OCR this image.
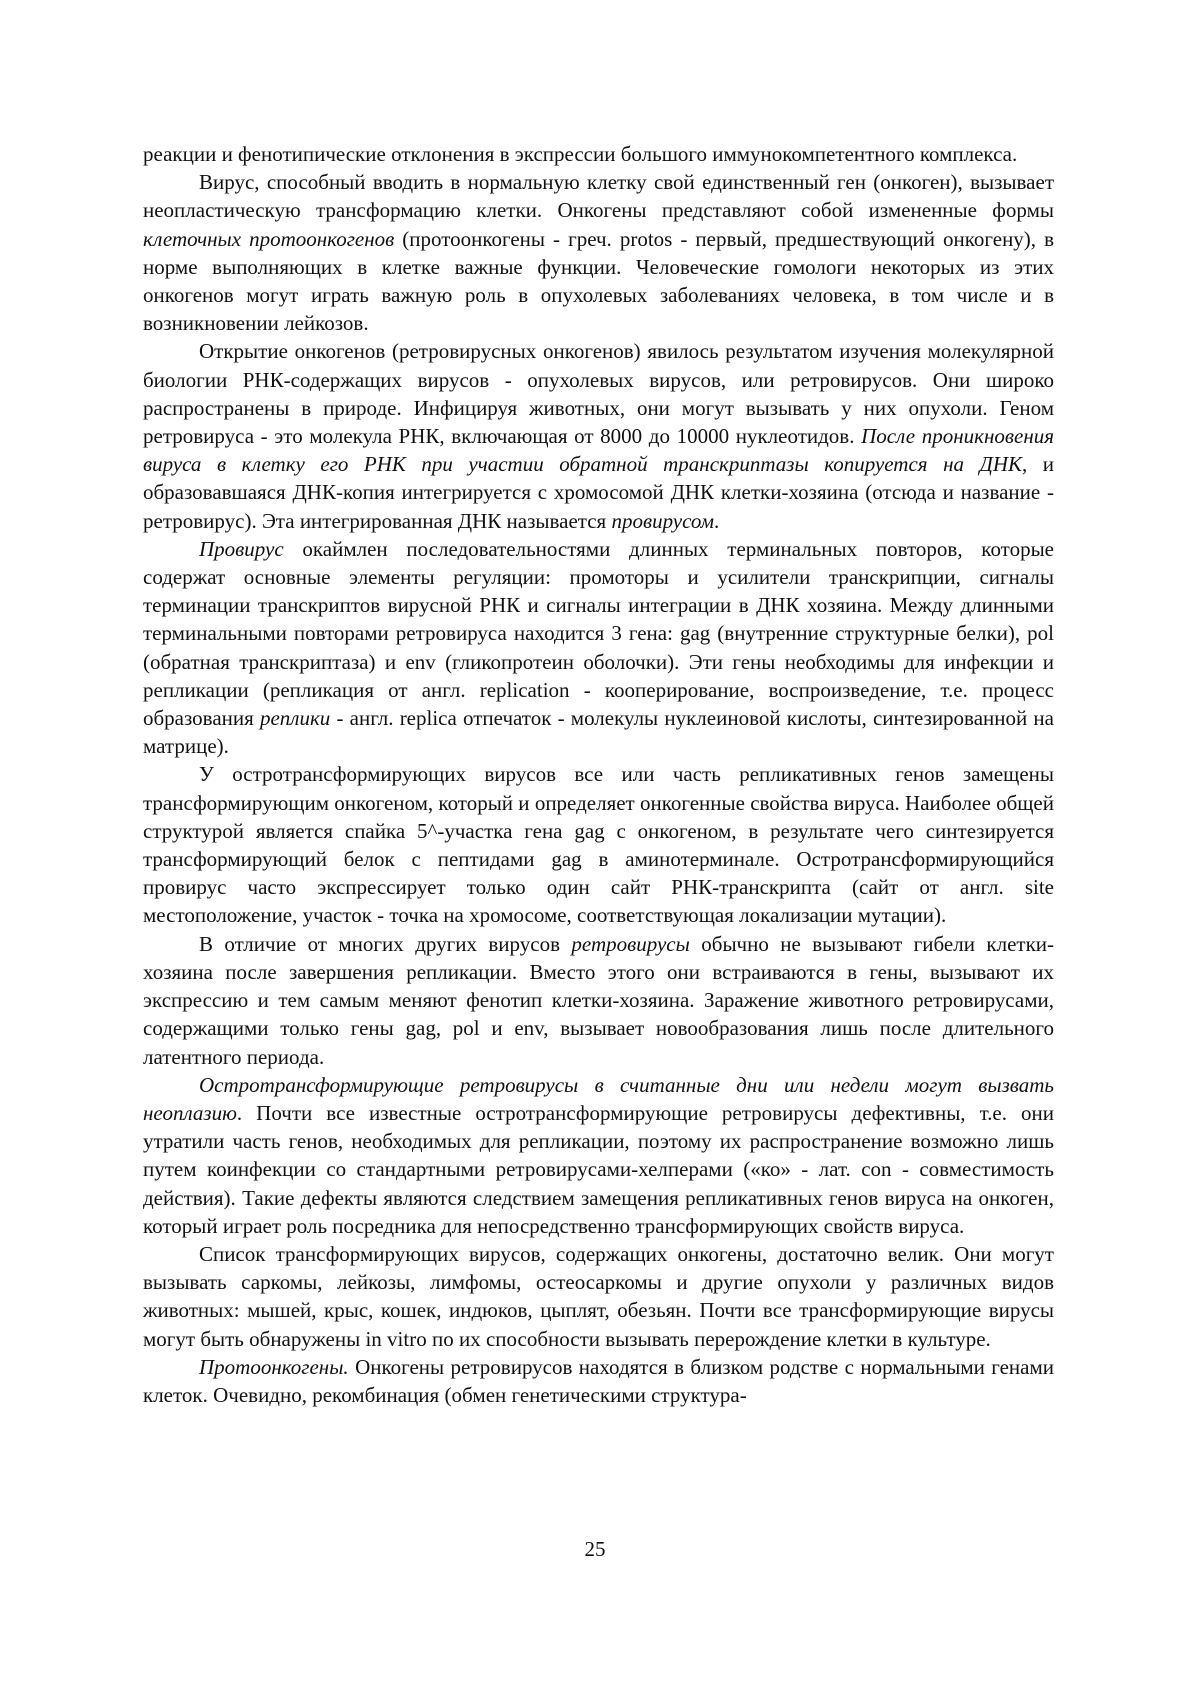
реакции и фенотипические отклонения в экспрессии большого иммунокомпетентного комплекса.

Вирус, способный вводить в нормальную клетку свой единственный ген (онкоген), вызывает неопластическую трансформацию клетки. Онкогены представляют собой измененные формы клеточных протоонкогенов (протоонкогены - греч. protos - первый, предшествующий онкогену), в норме выполняющих в клетке важные функции. Человеческие гомологи некоторых из этих онкогенов могут играть важную роль в опухолевых заболеваниях человека, в том числе и в возникновении лейкозов.

Открытие онкогенов (ретровирусных онкогенов) явилось результатом изучения молекулярной биологии РНК-содержащих вирусов - опухолевых вирусов, или ретровирусов. Они широко распространены в природе. Инфицируя животных, они могут вызывать у них опухоли. Геном ретровируса - это молекула РНК, включающая от 8000 до 10000 нуклеотидов. После проникновения вируса в клетку его РНК при участии обратной транскриптазы копируется на ДНК, и образовавшаяся ДНК-копия интегрируется с хромосомой ДНК клетки-хозяина (отсюда и название - ретровирус). Эта интегрированная ДНК называется провирусом.

Провирус окаймлен последовательностями длинных терминальных повторов, которые содержат основные элементы регуляции: промоторы и усилители транскрипции, сигналы терминации транскриптов вирусной РНК и сигналы интеграции в ДНК хозяина. Между длинными терминальными повторами ретровируса находится 3 гена: gag (внутренние структурные белки), pol (обратная транскриптаза) и env (гликопротеин оболочки). Эти гены необходимы для инфекции и репликации (репликация от англ. replication - кооперирование, воспроизведение, т.е. процесс образования реплики - англ. replica отпечаток - молекулы нуклеиновой кислоты, синтезированной на матрице).

У остротрансформирующих вирусов все или часть репликативных генов замещены трансформирующим онкогеном, который и определяет онкогенные свойства вируса. Наиболее общей структурой является спайка 5^-участка гена gag с онкогеном, в результате чего синтезируется трансформирующий белок с пептидами gag в аминотерминале. Остротрансформирующийся провирус часто экспрессирует только один сайт РНК-транскрипта (сайт от англ. site местоположение, участок - точка на хромосоме, соответствующая локализации мутации).

В отличие от многих других вирусов ретровирусы обычно не вызывают гибели клетки-хозяина после завершения репликации. Вместо этого они встраиваются в гены, вызывают их экспрессию и тем самым меняют фенотип клетки-хозяина. Заражение животного ретровирусами, содержащими только гены gag, pol и env, вызывает новообразования лишь после длительного латентного периода.

Остротрансформирующие ретровирусы в считанные дни или недели могут вызвать неоплазию. Почти все известные остротрансформирующие ретровирусы дефективны, т.е. они утратили часть генов, необходимых для репликации, поэтому их распространение возможно лишь путем коинфекции со стандартными ретровирусами-хелперами («ко» - лат. con - совместимость действия). Такие дефекты являются следствием замещения репликативных генов вируса на онкоген, который играет роль посредника для непосредственно трансформирующих свойств вируса.

Список трансформирующих вирусов, содержащих онкогены, достаточно велик. Они могут вызывать саркомы, лейкозы, лимфомы, остеосаркомы и другие опухоли у различных видов животных: мышей, крыс, кошек, индюков, цыплят, обезьян. Почти все трансформирующие вирусы могут быть обнаружены in vitro по их способности вызывать перерождение клетки в культуре.

Протоонкогены. Онкогены ретровирусов находятся в близком родстве с нормальными генами клеток. Очевидно, рекомбинация (обмен генетическими структура-

25
